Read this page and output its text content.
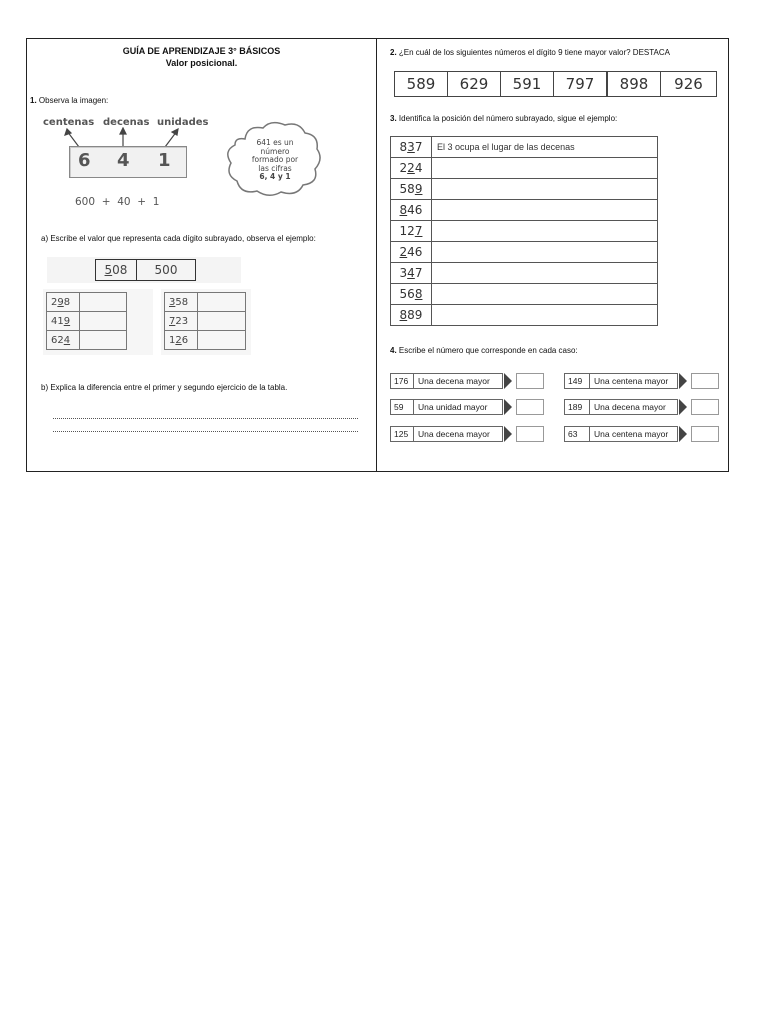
GUÍA DE APRENDIZAJE 3° BÁSICOS
Valor posicional.
1. Observa la imagen:
centenas decenas unidades
6 4 1
600  +  40  +  1
641 es un
número
formado por
las cifras
6, 4 y 1
a) Escribe el valor que representa cada dígito subrayado, observa el ejemplo:
5 08 500
2 9 8
41 9
62 4
3 58
7 23
1 2 6
b) Explica la diferencia entre el primer y segundo ejercicio de la tabla.
2. ¿En cuál de los siguientes números el dígito 9 tiene mayor valor? DESTACA
589	629	591	797	898	926
3. Identifica la posición del número subrayado, sigue el ejemplo:
8 3 7 El 3 ocupa el lugar de las decenas
2 2 4
58 9
8 46
12 7
2 46
3 4 7
56 8
8 89
4. Escribe el número que corresponde en cada caso:
176	Una decena mayor
59	Una unidad mayor
125	Una decena mayor
149	Una centena mayor
189	Una decena mayor
63	Una centena mayor
